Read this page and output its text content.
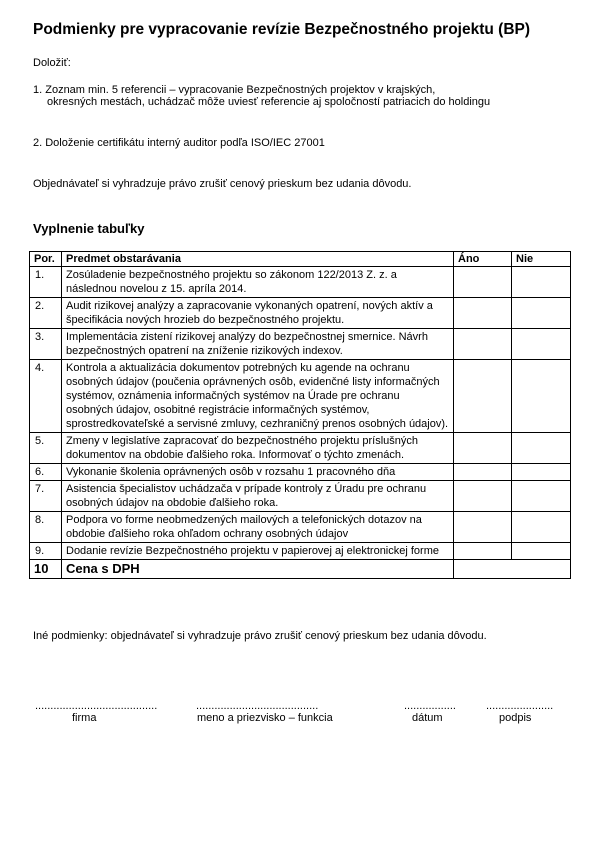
Podmienky pre vypracovanie revízie Bezpečnostného projektu (BP)
Doložiť:
1. Zoznam min. 5 referencii – vypracovanie Bezpečnostných projektov v krajských,
okresných mestách, uchádzač môže uviesť referencie aj spoločností patriacich do holdingu
2. Doloženie certifikátu interný auditor podľa ISO/IEC 27001
Objednávateľ si vyhradzuje právo zrušiť cenový prieskum bez udania dôvodu.
Vyplnenie tabuľky
Por.	Predmet obstarávania	Áno	Nie
1.	Zosúladenie bezpečnostného projektu so zákonom 122/2013 Z. z. a následnou novelou z 15. apríla 2014.		
2.	Audit rizikovej analýzy a zapracovanie vykonaných opatrení, nových aktív a špecifikácia nových hrozieb do bezpečnostného projektu.		
3.	Implementácia zistení rizikovej analýzy do bezpečnostnej smernice. Návrh bezpečnostných opatrení na zníženie rizikových indexov.		
4.	Kontrola a aktualizácia dokumentov potrebných ku agende na ochranu osobných údajov (poučenia oprávnených osôb, evidenčné listy informačných systémov, oznámenia informačných systémov na Úrade pre ochranu osobných údajov, osobitné registrácie informačných systémov, sprostredkovateľské a servisné zmluvy, cezhraničný prenos osobných údajov).		
5.	Zmeny v legislatíve zapracovať do bezpečnostného projektu príslušných dokumentov na obdobie ďalšieho roka. Informovať o týchto zmenách.		
6.	Vykonanie školenia oprávnených osôb v rozsahu 1 pracovného dňa		
7.	Asistencia špecialistov uchádzača v prípade kontroly z Úradu pre ochranu osobných údajov na obdobie ďalšieho roka.		
8.	Podpora vo forme neobmedzených mailových a telefonických dotazov na obdobie ďalšieho roka ohľadom ochrany osobných údajov		
9.	Dodanie revízie Bezpečnostného projektu v papierovej aj elektronickej forme		
10	Cena s DPH		
Iné podmienky: objednávateľ si vyhradzuje právo zrušiť cenový prieskum bez udania dôvodu.
........................................	........................................	.................	......................
firma	meno a priezvisko – funkcia	dátum	podpis
